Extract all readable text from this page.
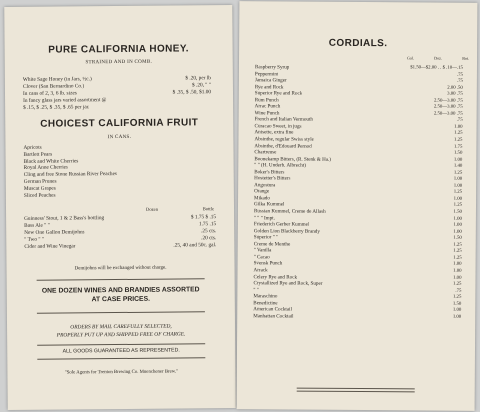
PURE CALIFORNIA HONEY.
STRAINED AND IN COMB.
White Sage Honey (in Jars, ½c.)	$ .20, per lb
Clover (San Bernardino Co.)	$ .20, " "
In cans of 2, 3, 6 lb. sizes	$ .35, $ .50, $1.00
In fancy glass jars varied assortment @
$ .15, $ .25, $ .35, $ .65 per jar.
CHOICEST CALIFORNIA FRUIT
IN CANS.
Apricots
Bartlett Pears
Black and White Cherries
Royal Anne Cherries
Cling and free Stone Russian River Peaches
German Prunes
Muscat Grapes
Sliced Peaches
Dozen	Bottle
Guinness' Stout, 1 & 2 Bass's bottling	$ 1.75 $ .15
Bass Ale " "	1.75 .15
New One Gallon Demijohns	.25 cts.
" Two " "	.20 cts.
Cider and Wine Vinegar	.25, 40 and 50c. gal.
Demijohns will be exchanged without charge.
ONE DOZEN WINES AND BRANDIES ASSORTED
AT CASE PRICES.
ORDERS BY MAIL CAREFULLY SELECTED,
PROPERLY PUT UP AND SHIPPED FREE OF CHARGE.
ALL GOODS GUARANTEED AS REPRESENTED.
"Sole Agents for Trenton Brewing Co. Muenchener Brew."
CORDIALS.
Gal.	Doz.	Bot.
Raspberry Syrup	$1.50—$2.00 . . $ .10—.15
Peppermint	.75
Jamaica Ginger	.75
Rye and Rock	2.00 .50
Superior Rye and Rock	3.00 .75
Rum Punch	2.50—3.00 .75
Arrac Punch	2.50—3.00 .75
Wine Punch	2.50—3.00 .75
French and Italian Vermouth	.75
Curacao Sweet, in jugs	1.00
Anisette, extra fine	1.25
Absinthe, regular Swiss style	1.25
Absinthe, d'Edouard Pernod	1.75
Chartreuse	1.50
Boonekamp Bitters, (R. Stenk & Ha.)	1.00
" " (H. Underb. Albrecht)	1.40
Boker's Bitters	1.25
Hostetter's Bitters	1.00
Angostura	1.00
Orange	1.25
Mikado	1.00
Gilka Kummel	1.25
Russian Kummel, Creme de Allash	1.50
" " " Impt.	1.00
Friederich Gerber Kummel	1.00
Golden Lion Blackberry Brandy	1.00
Superior " "	1.50
Creme de Menthe	1.25
" Vanilla	1.25
" Cacao	1.25
Svensk Punch	1.00
Arrack	1.00
Celery Rye and Rock	1.00
Crystallized Rye and Rock, Super	1.25
" "	.75
Maraschino	1.25
Benedictine	1.50
American Cocktail	1.00
Manhattan Cocktail	1.00
